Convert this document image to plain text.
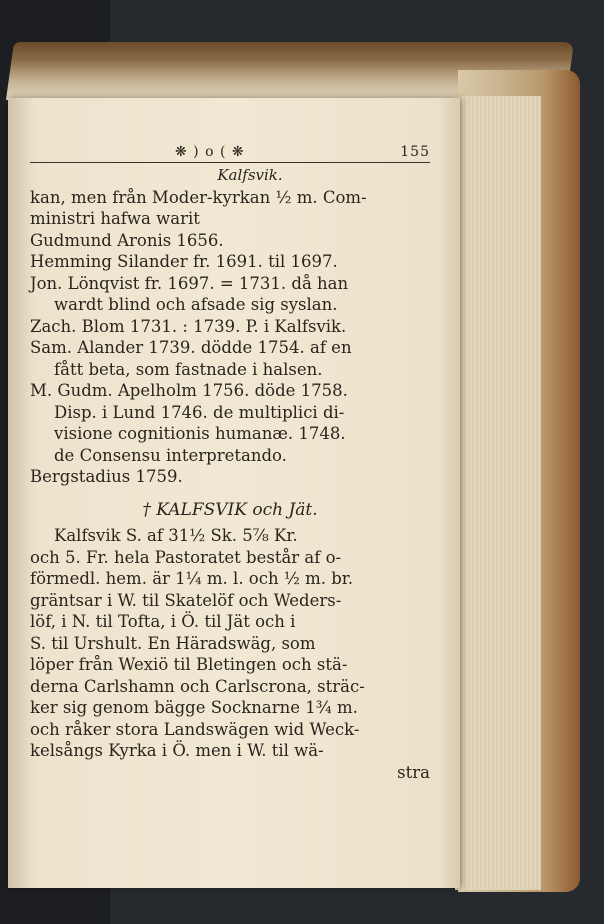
❋ ) o ( ❋	155
Kalfsvik.
kan, men från Moder-kyrkan ½ m. Com-
ministri hafwa warit
Gudmund Aronis 1656.
Hemming Silander fr. 1691. til 1697.
Jon. Lönqvist fr. 1697. = 1731. då han
wardt blind och afsade sig syslan.
Zach. Blom 1731. : 1739. P. i Kalfsvik.
Sam. Alander 1739. dödde 1754. af en
fått beta, som fastnade i halsen.
M. Gudm. Apelholm 1756. döde 1758.
Disp. i Lund 1746. de multiplici di-
visione cognitionis humanæ. 1748.
de Consensu interpretando.
Bergstadius 1759.
† KALFSVIK och Jät.
Kalfsvik S. af 31½ Sk. 5⅞ Kr.
och 5. Fr. hela Pastoratet består af o-
förmedl. hem. är 1¼ m. l. och ½ m. br.
gräntsar i W. til Skatelöf och Weders-
löf, i N. til Tofta, i Ö. til Jät och i
S. til Urshult. En Häradswäg, som
löper från Wexiö til Bletingen och stä-
derna Carlshamn och Carlscrona, sträc-
ker sig genom bägge Socknarne 1¾ m.
och råker stora Landswägen wid Weck-
kelsångs Kyrka i Ö. men i W. til wä-
stra
